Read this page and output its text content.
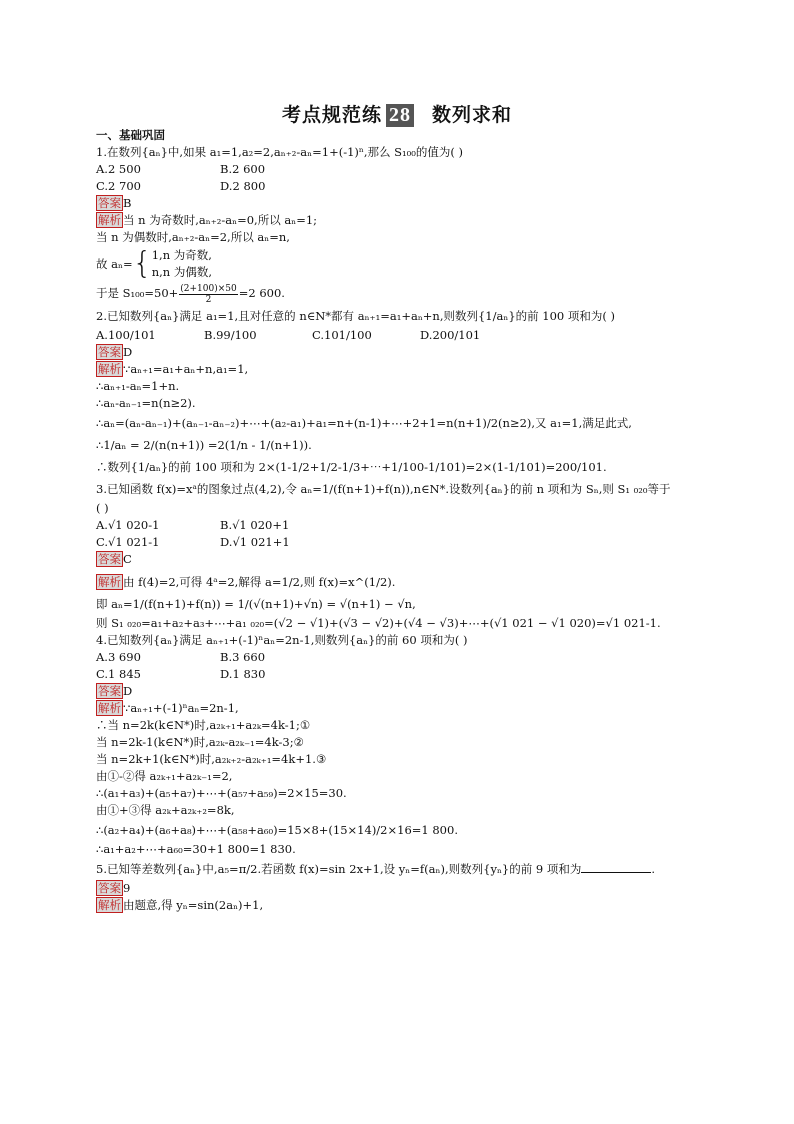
考点规范练 28 数列求和
一、基础巩固
1.在数列{aₙ}中,如果 a₁=1,a₂=2,aₙ₊₂-aₙ=1+(-1)ⁿ,那么 S₁₀₀的值为( )
A.2 500	B.2 600
C.2 700	D.2 800
答案 B
解析 当 n 为奇数时,aₙ₊₂-aₙ=0,所以 aₙ=1;
当 n 为偶数时,aₙ₊₂-aₙ=2,所以 aₙ=n,
故 aₙ= { 1,n 为奇数,
n,n 为偶数,
于是 $S_{100}=50+ \frac{(2+100)\times 50}{2} =2$ 600.
2.已知数列{aₙ}满足 a₁=1,且对任意的 n∈N*都有 aₙ₊₁=a₁+aₙ+n,则数列{1/aₙ}的前 100 项和为( )
A.100/101	B.99/100	C.101/100	D.200/101
答案 D
解析 ∵aₙ₊₁=a₁+aₙ+n,a₁=1,
∴aₙ₊₁-aₙ=1+n.
∴aₙ-aₙ₋₁=n(n≥2).
∴aₙ=(aₙ-aₙ₋₁)+(aₙ₋₁-aₙ₋₂)+⋯+(a₂-a₁)+a₁=n+(n-1)+⋯+2+1=n(n+1)/2(n≥2),又 a₁=1,满足此式,
∴1/aₙ = 2/(n(n+1)) =2(1/n - 1/(n+1)).
∴数列{1/aₙ}的前 100 项和为 2×(1-1/2+1/2-1/3+⋯+1/100-1/101)=2×(1-1/101)=200/101.
3.已知函数 f(x)=xᵃ的图象过点(4,2),令 aₙ=1/(f(n+1)+f(n)),n∈N*.设数列{aₙ}的前 n 项和为 Sₙ,则 S₁ ₀₂₀等于
( )
A.√1 020-1	B.√1 020+1
C.√1 021-1	D.√1 021+1
答案 C
解析 由 f(4)=2,可得 4ᵃ=2,解得 a=1/2,则 f(x)=x^(1/2).
即 aₙ=1/(f(n+1)+f(n)) = 1/(√(n+1)+√n) = √(n+1) − √n,
则 S₁ ₀₂₀=a₁+a₂+a₃+⋯+a₁ ₀₂₀=(√2 − √1)+(√3 − √2)+(√4 − √3)+⋯+(√1 021 − √1 020)=√1 021-1.
4.已知数列{aₙ}满足 aₙ₊₁+(-1)ⁿaₙ=2n-1,则数列{aₙ}的前 60 项和为( )
A.3 690	B.3 660
C.1 845	D.1 830
答案 D
解析 ∵aₙ₊₁+(-1)ⁿaₙ=2n-1,
∴当 n=2k(k∈N*)时,a₂ₖ₊₁+a₂ₖ=4k-1;①
当 n=2k-1(k∈N*)时,a₂ₖ-a₂ₖ₋₁=4k-3;②
当 n=2k+1(k∈N*)时,a₂ₖ₊₂-a₂ₖ₊₁=4k+1.③
由①-②得 a₂ₖ₊₁+a₂ₖ₋₁=2,
∴(a₁+a₃)+(a₅+a₇)+⋯+(a₅₇+a₅₉)=2×15=30.
由①+③得 a₂ₖ+a₂ₖ₊₂=8k,
∴(a₂+a₄)+(a₆+a₈)+⋯+(a₅₈+a₆₀)=15×8+(15×14)/2×16=1 800.
∴a₁+a₂+⋯+a₆₀=30+1 800=1 830.
5.已知等差数列{aₙ}中,a₅=π/2.若函数 f(x)=sin 2x+1,设 yₙ=f(aₙ),则数列{yₙ}的前 9 项和为	.
答案 9
解析 由题意,得 yₙ=sin(2aₙ)+1,
